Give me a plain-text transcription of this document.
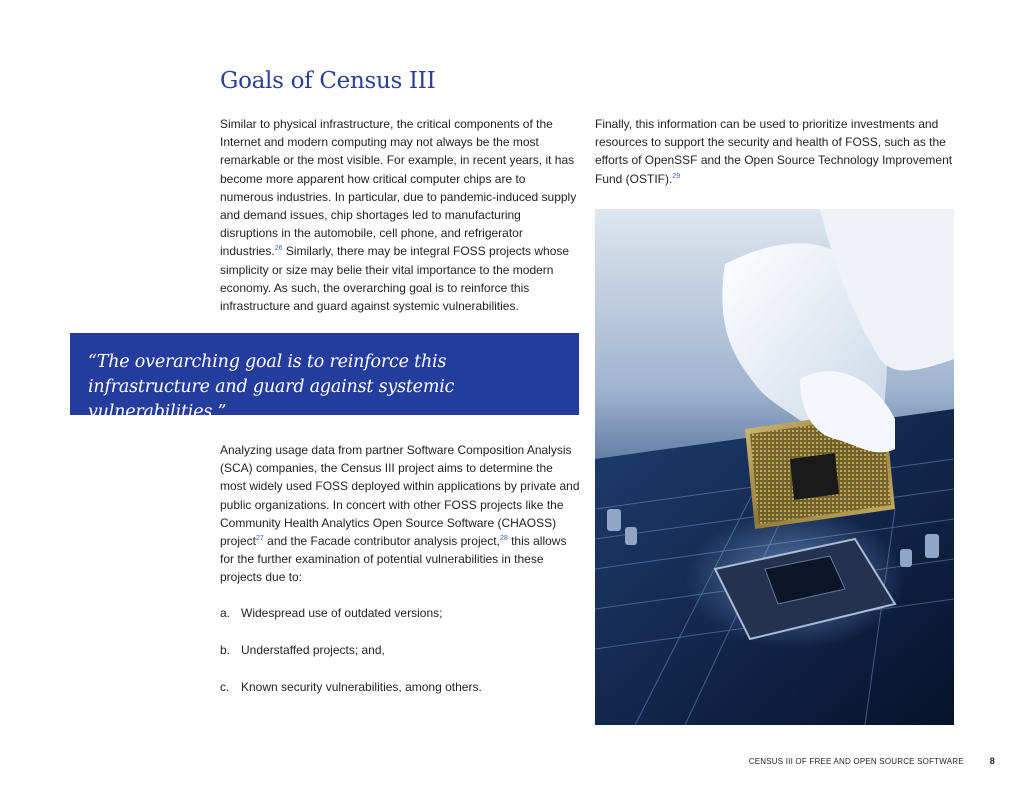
Goals of Census III

Similar to physical infrastructure, the critical components of the Internet and modern computing may not always be the most remarkable or the most visible. For example, in recent years, it has become more apparent how critical computer chips are to numerous industries. In particular, due to pandemic-induced supply and demand issues, chip shortages led to manufacturing disruptions in the automobile, cell phone, and refrigerator industries.$^{26}$ Similarly, there may be integral FOSS projects whose simplicity or size may belie their vital importance to the modern economy. As such, the overarching goal is to reinforce this infrastructure and guard against systemic vulnerabilities.

Finally, this information can be used to prioritize investments and resources to support the security and health of FOSS, such as the efforts of OpenSSF and the Open Source Technology Improvement Fund (OSTIF).$^{29}$

“The overarching goal is to reinforce this infrastructure and guard against systemic vulnerabilities.”

Analyzing usage data from partner Software Composition Analysis (SCA) companies, the Census III project aims to determine the most widely used FOSS deployed within applications by private and public organizations. In concert with other FOSS projects like the Community Health Analytics Open Source Software (CHAOSS) project$^{27}$ and the Facade contributor analysis project,$^{28}$ this allows for the further examination of potential vulnerabilities in these projects due to:

a. Widespread use of outdated versions;
b. Understaffed projects; and,
c. Known security vulnerabilities, among others.
CENSUS III OF FREE AND OPEN SOURCE SOFTWARE	8
